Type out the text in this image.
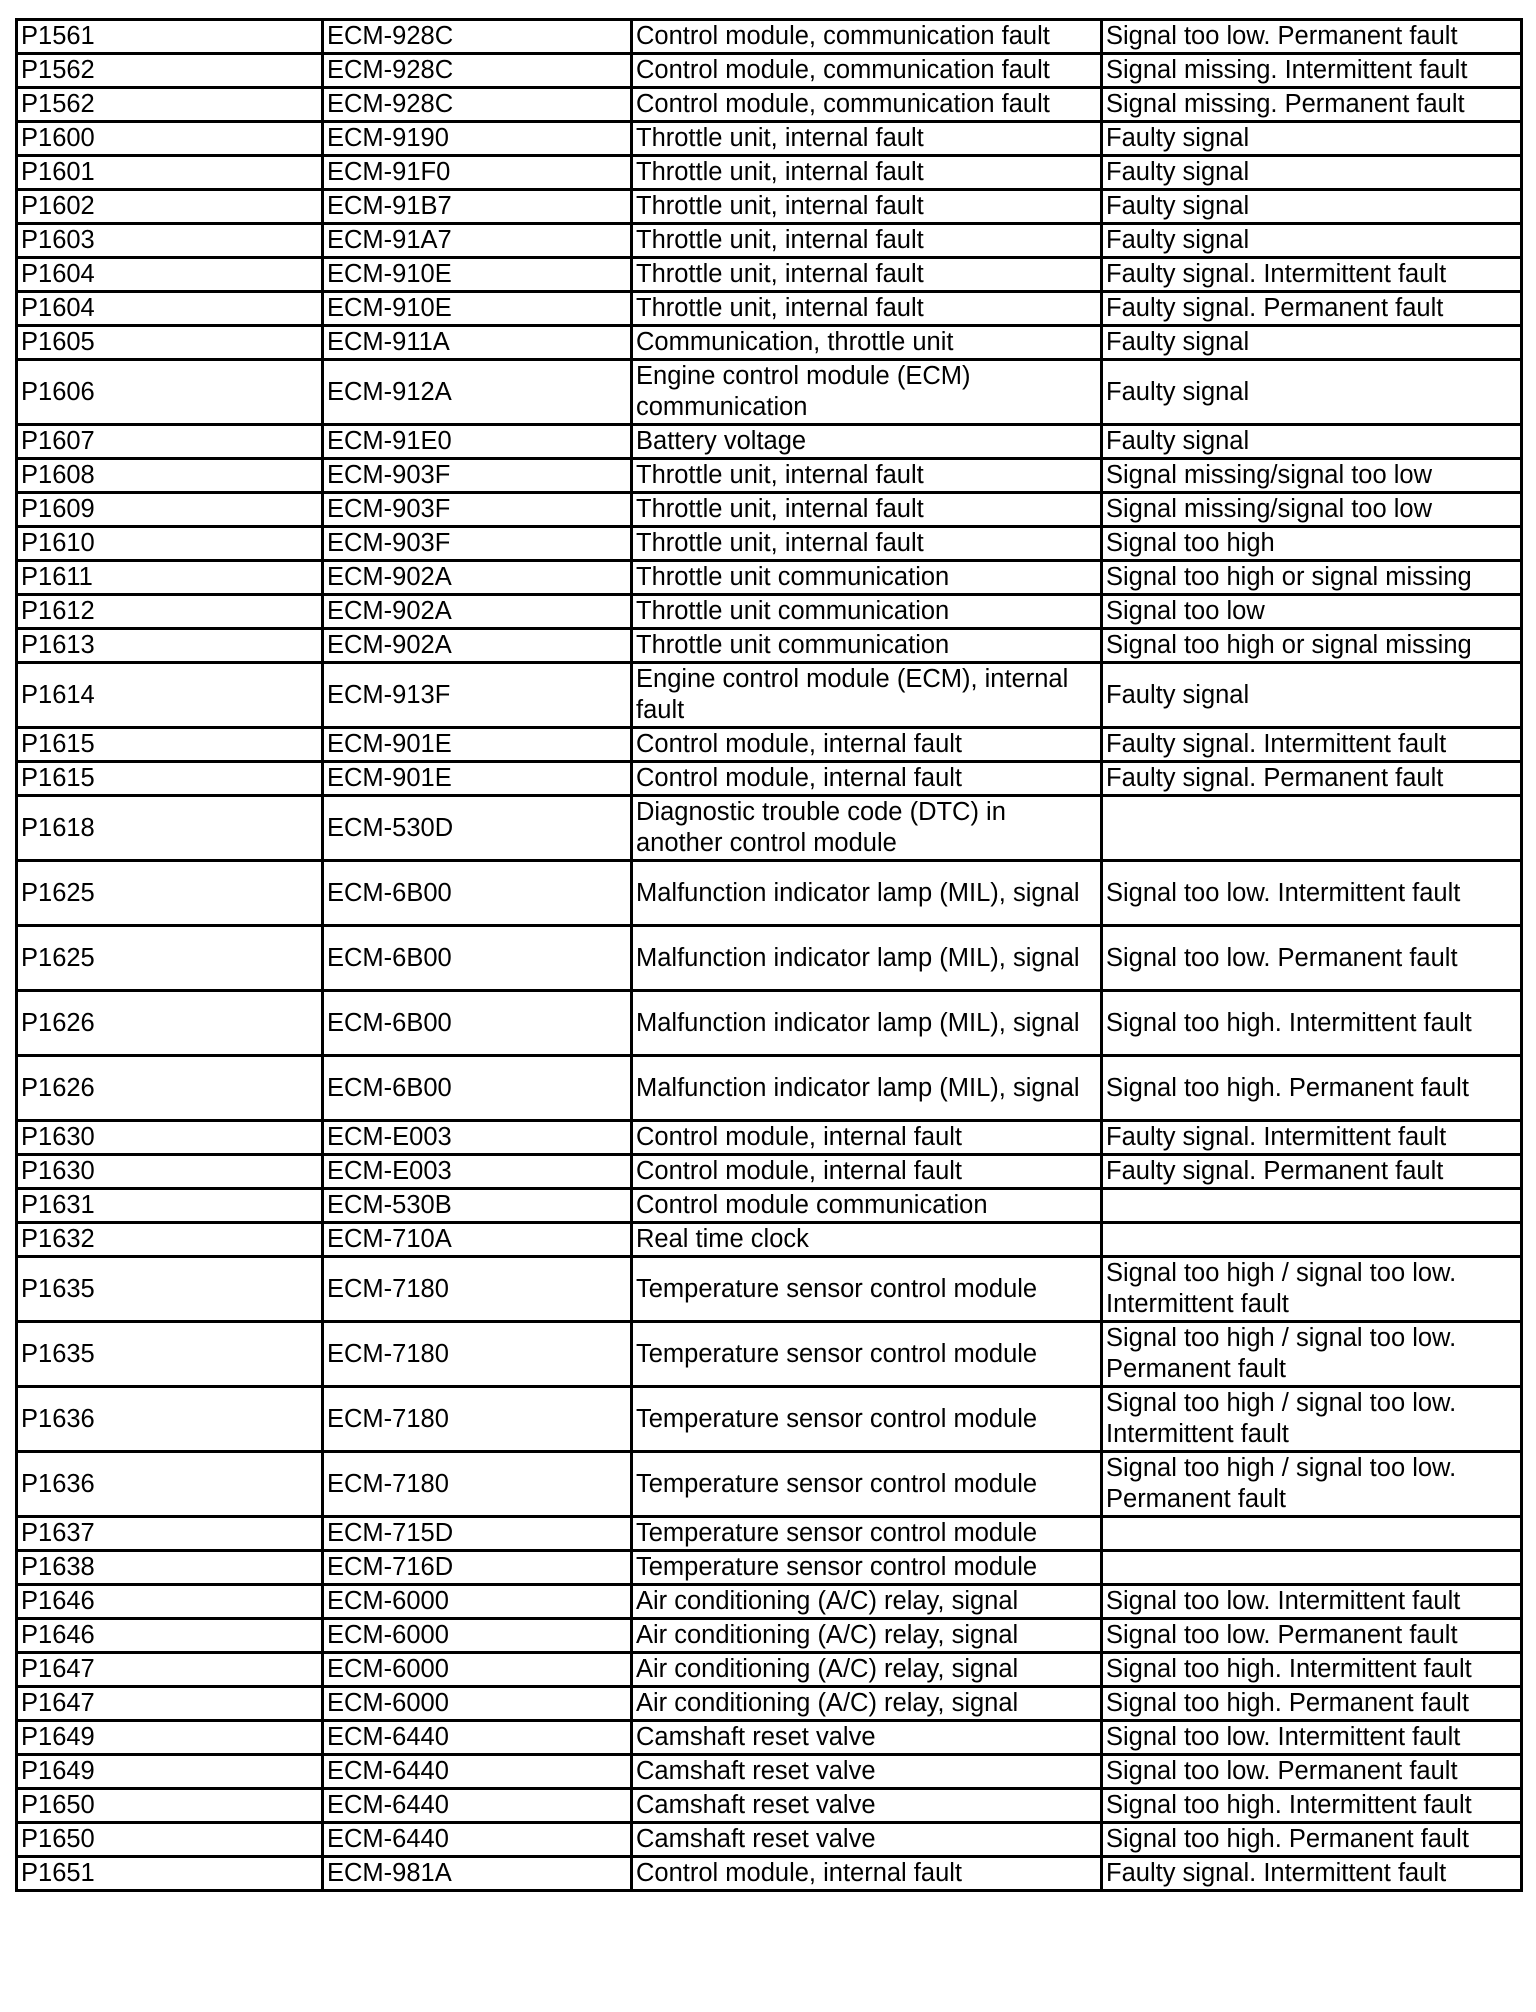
P1561	ECM-928C	Control module, communication fault	Signal too low. Permanent fault
P1562	ECM-928C	Control module, communication fault	Signal missing. Intermittent fault
P1562	ECM-928C	Control module, communication fault	Signal missing. Permanent fault
P1600	ECM-9190	Throttle unit, internal fault	Faulty signal
P1601	ECM-91F0	Throttle unit, internal fault	Faulty signal
P1602	ECM-91B7	Throttle unit, internal fault	Faulty signal
P1603	ECM-91A7	Throttle unit, internal fault	Faulty signal
P1604	ECM-910E	Throttle unit, internal fault	Faulty signal. Intermittent fault
P1604	ECM-910E	Throttle unit, internal fault	Faulty signal. Permanent fault
P1605	ECM-911A	Communication, throttle unit	Faulty signal
P1606	ECM-912A	Engine control module (ECM) communication	Faulty signal
P1607	ECM-91E0	Battery voltage	Faulty signal
P1608	ECM-903F	Throttle unit, internal fault	Signal missing/signal too low
P1609	ECM-903F	Throttle unit, internal fault	Signal missing/signal too low
P1610	ECM-903F	Throttle unit, internal fault	Signal too high
P1611	ECM-902A	Throttle unit communication	Signal too high or signal missing
P1612	ECM-902A	Throttle unit communication	Signal too low
P1613	ECM-902A	Throttle unit communication	Signal too high or signal missing
P1614	ECM-913F	Engine control module (ECM), internal fault	Faulty signal
P1615	ECM-901E	Control module, internal fault	Faulty signal. Intermittent fault
P1615	ECM-901E	Control module, internal fault	Faulty signal. Permanent fault
P1618	ECM-530D	Diagnostic trouble code (DTC) in another control module	
P1625	ECM-6B00	Malfunction indicator lamp (MIL), signal	Signal too low. Intermittent fault
P1625	ECM-6B00	Malfunction indicator lamp (MIL), signal	Signal too low. Permanent fault
P1626	ECM-6B00	Malfunction indicator lamp (MIL), signal	Signal too high. Intermittent fault
P1626	ECM-6B00	Malfunction indicator lamp (MIL), signal	Signal too high. Permanent fault
P1630	ECM-E003	Control module, internal fault	Faulty signal. Intermittent fault
P1630	ECM-E003	Control module, internal fault	Faulty signal. Permanent fault
P1631	ECM-530B	Control module communication	
P1632	ECM-710A	Real time clock	
P1635	ECM-7180	Temperature sensor control module	Signal too high / signal too low. Intermittent fault
P1635	ECM-7180	Temperature sensor control module	Signal too high / signal too low. Permanent fault
P1636	ECM-7180	Temperature sensor control module	Signal too high / signal too low. Intermittent fault
P1636	ECM-7180	Temperature sensor control module	Signal too high / signal too low. Permanent fault
P1637	ECM-715D	Temperature sensor control module	
P1638	ECM-716D	Temperature sensor control module	
P1646	ECM-6000	Air conditioning (A/C) relay, signal	Signal too low. Intermittent fault
P1646	ECM-6000	Air conditioning (A/C) relay, signal	Signal too low. Permanent fault
P1647	ECM-6000	Air conditioning (A/C) relay, signal	Signal too high. Intermittent fault
P1647	ECM-6000	Air conditioning (A/C) relay, signal	Signal too high. Permanent fault
P1649	ECM-6440	Camshaft reset valve	Signal too low. Intermittent fault
P1649	ECM-6440	Camshaft reset valve	Signal too low. Permanent fault
P1650	ECM-6440	Camshaft reset valve	Signal too high. Intermittent fault
P1650	ECM-6440	Camshaft reset valve	Signal too high. Permanent fault
P1651	ECM-981A	Control module, internal fault	Faulty signal. Intermittent fault
